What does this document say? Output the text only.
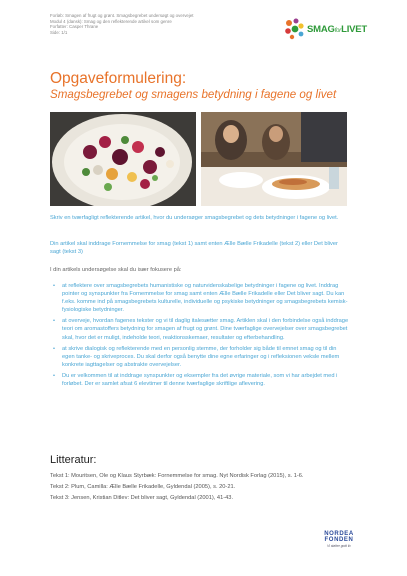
Forløb: Smagen af frugt og grønt. Smagsbegrebet undersøgt og overvejet
Modul 4 (dansk): Smag og den reflekterende artikel som genre
Forfatter: Casper Thrane
Side: 1/1	SMAGforLIVET
Opgaveformulering:
Smagsbegrebet og smagens betydning i fagene og livet
Skriv en tværfagligt reflekterende artikel, hvor du undersøger smagsbegrebet og dets betydninger i fagene og livet.
Din artikel skal inddrage Fornemmelse for smag (tekst 1) samt enten Ælle Bælle Frikadelle (tekst 2) eller Det bliver sagt (tekst 3)
I din artikels undersøgelse skal du især fokusere på:
• at reflektere over smagsbegrebets humanistiske og naturvidenskabelige betydninger i fagene og livet. Inddrag pointer og synspunkter fra Fornemmelse for smag samt enten Ælle Bælle Frikadelle eller Det bliver sagt. Du kan f.eks. komme ind på smagsbegrebets kulturelle, individuelle og psykiske betydninger og smagsbegrebets kemisk-fysiologiske betydninger.
• at overveje, hvordan fagenes tekster og vi til daglig italesætter smag. Artiklen skal i den forbindelse også inddrage teori om aromastoffers betydning for smagen af frugt og grønt. Dine tværfaglige overvejelser over smagsbegrebet skal, hvor det er muligt, indeholde teori, reaktionsskemaer, resultater og efterbehandling.
• at skrive dialogisk og reflekterende med en personlig stemme, der forholder sig både til emnet smag og til din egen tanke- og skriveproces. Du skal derfor også benytte dine egne erfaringer og i refleksionen veksle mellem konkrete iagttagelser og abstrakte overvejelser.
• Du er velkommen til at inddrage synspunkter og eksempler fra det øvrige materiale, som vi har arbejdet med i forløbet. Der er samlet afsat 6 elevtimer til denne tværfaglige skriftlige aflevering.
Litteratur:
Tekst 1: Mouritsen, Ole og Klaus Styrbæk: Fornemmelse for smag. Nyt Nordisk Forlag (2015), s. 1-6.
Tekst 2: Plum, Camilla: Ælle Bælle Frikadelle, Gyldendal (2005), s. 20-21.
Tekst 3: Jensen, Kristian Ditlev: Det bliver sagt, Gyldendal (2001), 41-43.
NORDEA
FONDEN
Vi støtter godt liv
